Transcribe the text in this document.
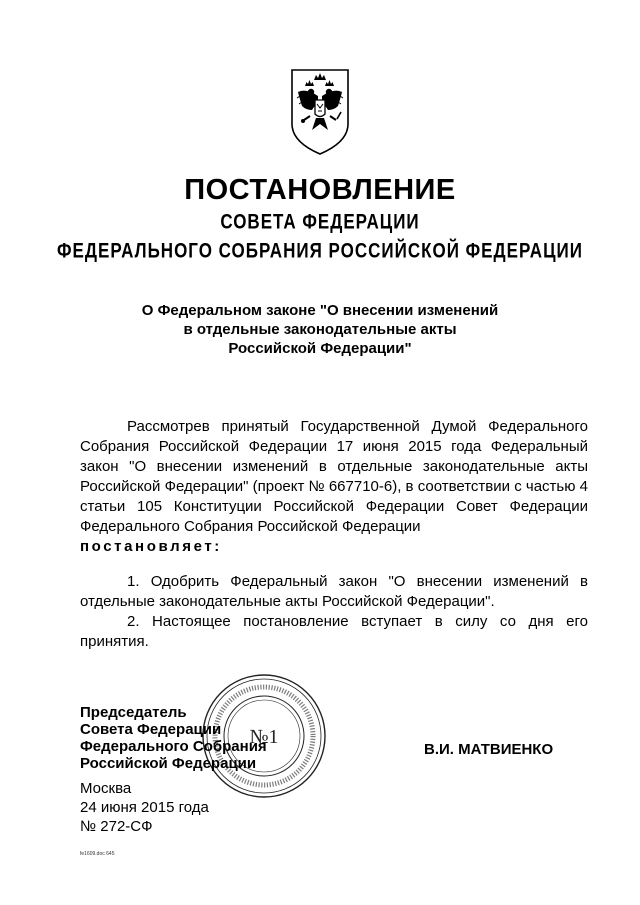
ПОСТАНОВЛЕНИЕ
СОВЕТА ФЕДЕРАЦИИ
ФЕДЕРАЛЬНОГО СОБРАНИЯ РОССИЙСКОЙ ФЕДЕРАЦИИ
О Федеральном законе "О внесении изменений
в отдельные законодательные акты
Российской Федерации"
Рассмотрев принятый Государственной Думой Федерального Собрания Российской Федерации 17 июня 2015 года Федеральный закон "О внесении изменений в отдельные законодательные акты Российской Федерации" (проект № 667710-6), в соответствии с частью 4 статьи 105 Конституции Российской Федерации Совет Федерации Федерального Собрания Российской Федерации
постановляет:
1. Одобрить Федеральный закон "О внесении изменений в отдельные законодательные акты Российской Федерации".
2. Настоящее постановление вступает в силу со дня его принятия.
№1
Председатель
Совета Федерации
Федерального Собрания
Российской Федерации
В.И. МАТВИЕНКО
Москва
24 июня 2015 года
№ 272-СФ
fe1609.doc 645
